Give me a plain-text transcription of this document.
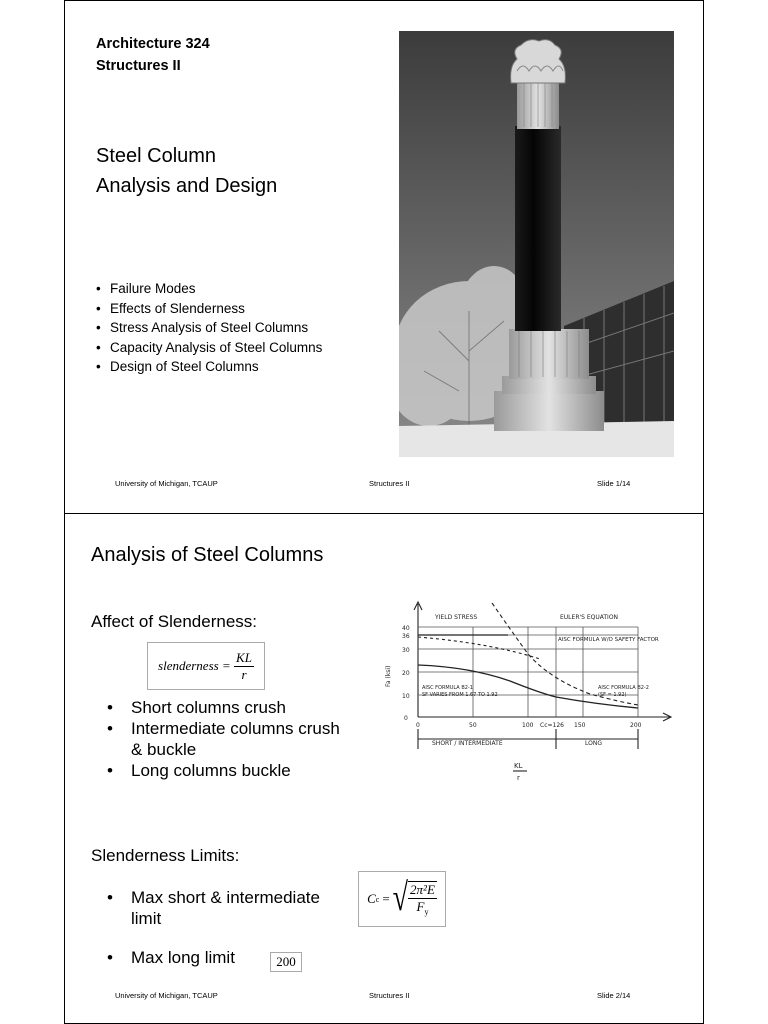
Architecture 324
Structures II
Steel Column
Analysis and Design
• Failure Modes
• Effects of Slenderness
• Stress Analysis of Steel Columns
• Capacity Analysis of Steel Columns
• Design of Steel Columns
University of Michigan, TCAUP	Structures II	Slide 1/14
Analysis of Steel Columns
Affect of Slenderness:
slenderness = $\frac{KL}{r}$
• Short columns crush
• Intermediate columns crush & buckle
• Long columns buckle
40
36
30
20
10
0
0	50	100 Cc=126 150	200
YIELD STRESS	EULER'S EQUATION
AISC FORMULA W/O SAFETY FACTOR
AISC FORMULA B2-1
SF VARIES FROM 1.67 TO 1.92
AISC FORMULA B2-2
(SF = 1.92)
SHORT / INTERMEDIATE	LONG
KL
r
Fa (ksi)
Slenderness Limits:
• Max short & intermediate limit
• Max long limit
C c = √ $\frac{\text{2π²E}}{F_y}$
200
University of Michigan, TCAUP	Structures II	Slide 2/14
